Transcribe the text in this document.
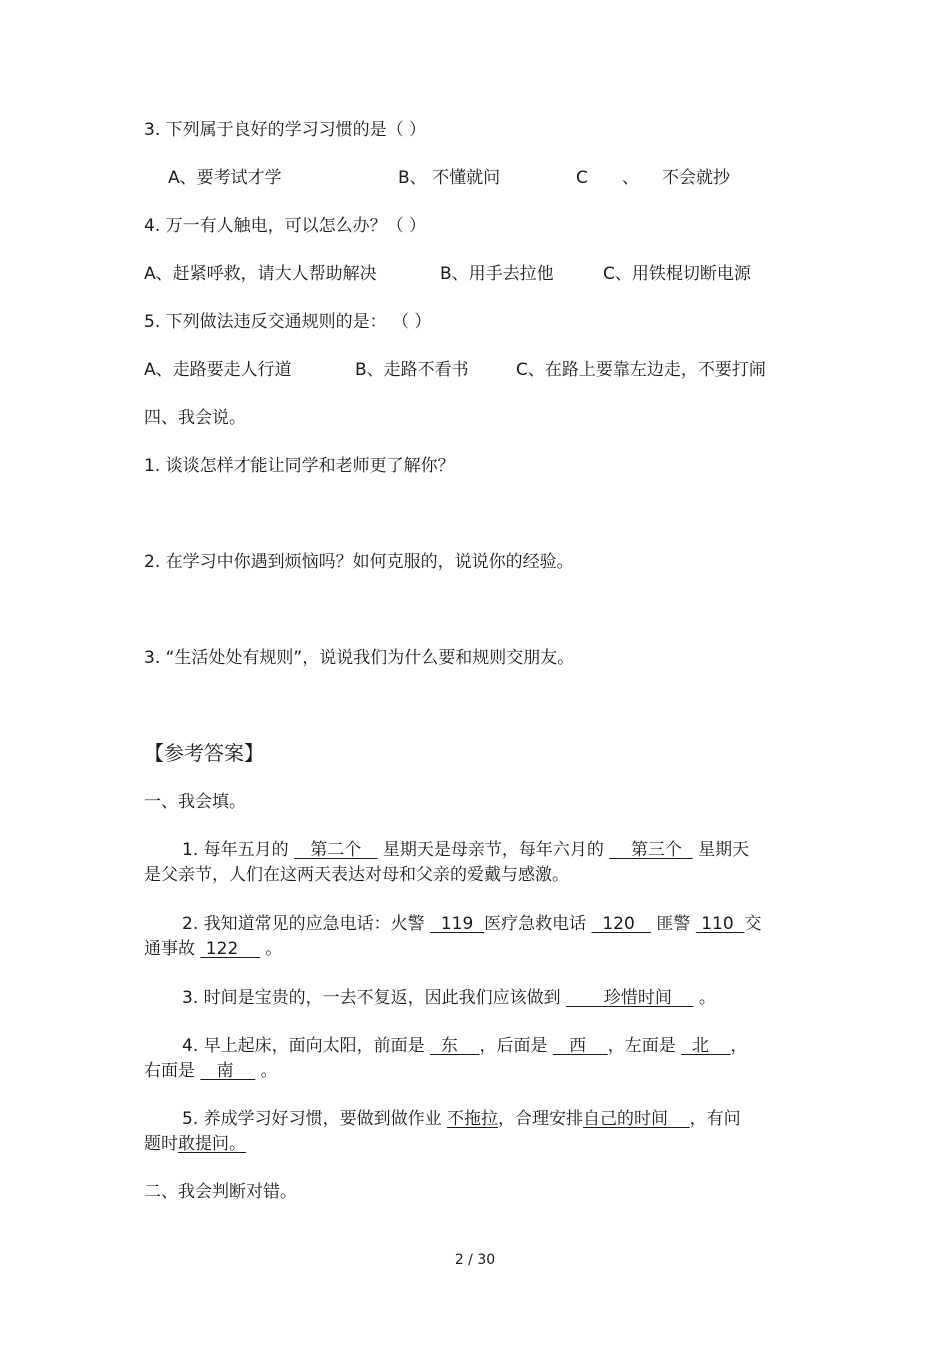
3. 下列属于良好的学习习惯的是（ ）
A、要考试才学	B、 不懂就问	C 、 不会就抄
4. 万一有人触电，可以怎么办？（ ）
A、赶紧呼救，请大人帮助解决	B、用手去拉他	C、用铁棍切断电源
5. 下列做法违反交通规则的是： （ ）
A、走路要走人行道	B、走路不看书	C、在路上要靠左边走，不要打闹
四、我会说。
1. 谈谈怎样才能让同学和老师更了解你？
2. 在学习中你遇到烦恼吗？如何克服的，说说你的经验。
3. “生活处处有规则”，说说我们为什么要和规则交朋友。
【参考答案】
一、我会填。
1. 每年五月的    第二个    星期天是母亲节，每年六月的     第三个   星期天
是父亲节，人们在这两天表达对母和父亲的爱戴与感激。
2. 我知道常见的应急电话：火警   119  医疗急救电话   120    匪警  110  交
通事故  122     。
3. 时间是宝贵的，一去不复返，因此我们应该做到        珍惜时间     。
4. 早上起床，面向太阳，前面是   东    ，后面是    西    ，左面是   北    ，
右面是    南     。
5. 养成学习好习惯，要做到做作业 不拖拉，合理安排自己的时间    ，有问
题时敢提问。
二、我会判断对错。
2 / 30
